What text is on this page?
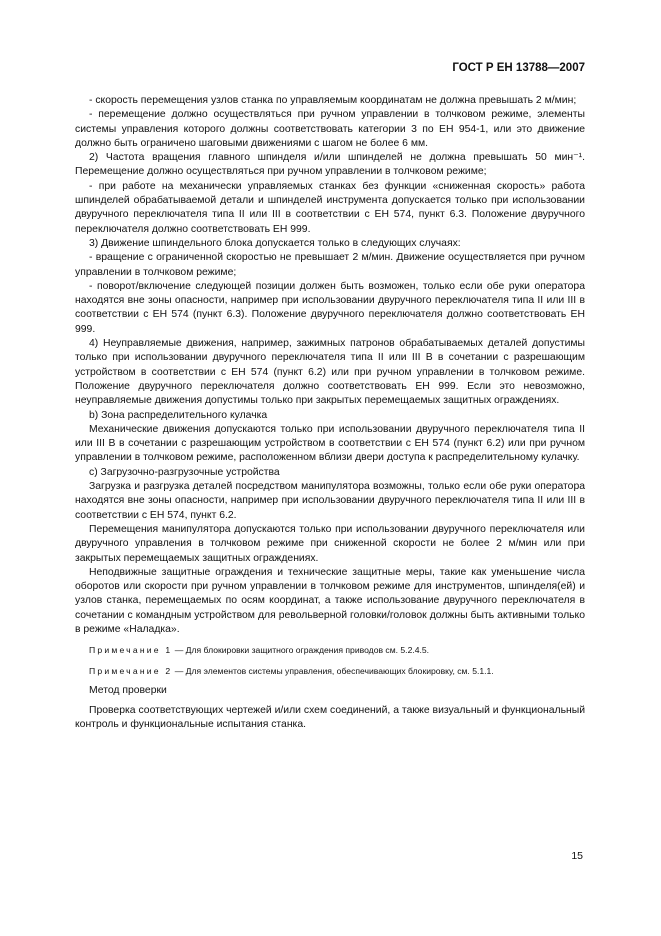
ГОСТ Р ЕН 13788—2007

- скорость перемещения узлов станка по управляемым координатам не должна превышать 2 м/мин;

- перемещение должно осуществляться при ручном управлении в толчковом режиме, элементы системы управления которого должны соответствовать категории 3 по ЕН 954-1, или это движение должно быть ограничено шаговыми движениями с шагом не более 6 мм.

2) Частота вращения главного шпинделя и/или шпинделей не должна превышать 50 мин⁻¹. Перемещение должно осуществляться при ручном управлении в толчковом режиме;

- при работе на механически управляемых станках без функции «сниженная скорость» работа шпинделей обрабатываемой детали и шпинделей инструмента допускается только при использовании двуручного переключателя типа II или III в соответствии с ЕН 574, пункт 6.3. Положение двуручного переключателя должно соответствовать ЕН 999.

3) Движение шпиндельного блока допускается только в следующих случаях:

- вращение с ограниченной скоростью не превышает 2 м/мин. Движение осуществляется при ручном управлении в толчковом режиме;

- поворот/включение следующей позиции должен быть возможен, только если обе руки оператора находятся вне зоны опасности, например при использовании двуручного переключателя типа II или III в соответствии с ЕН 574 (пункт 6.3). Положение двуручного переключателя должно соответствовать ЕН 999.

4) Неуправляемые движения, например, зажимных патронов обрабатываемых деталей допустимы только при использовании двуручного переключателя типа II или III В в сочетании с разрешающим устройством в соответствии с ЕН 574 (пункт 6.2) или при ручном управлении в толчковом режиме. Положение двуручного переключателя должно соответствовать ЕН 999. Если это невозможно, неуправляемые движения допустимы только при закрытых перемещаемых защитных ограждениях.

b) Зона распределительного кулачка

Механические движения допускаются только при использовании двуручного переключателя типа II или III В в сочетании с разрешающим устройством в соответствии с ЕН 574 (пункт 6.2) или при ручном управлении в толчковом режиме, расположенном вблизи двери доступа к распределительному кулачку.

c) Загрузочно-разгрузочные устройства

Загрузка и разгрузка деталей посредством манипулятора возможны, только если обе руки оператора находятся вне зоны опасности, например при использовании двуручного переключателя типа II или III в соответствии с ЕН 574, пункт 6.2.

Перемещения манипулятора допускаются только при использовании двуручного переключателя или двуручного управления в толчковом режиме при сниженной скорости не более 2 м/мин или при закрытых перемещаемых защитных ограждениях.

Неподвижные защитные ограждения и технические защитные меры, такие как уменьшение числа оборотов или скорости при ручном управлении в толчковом режиме для инструментов, шпинделя(ей) и узлов станка, перемещаемых по осям координат, а также использование двуручного переключателя в сочетании с командным устройством для револьверной головки/головок должны быть активными только в режиме «Наладка».

Примечание 1 — Для блокировки защитного ограждения приводов см. 5.2.4.5.

Примечание 2 — Для элементов системы управления, обеспечивающих блокировку, см. 5.1.1.

Метод проверки

Проверка соответствующих чертежей и/или схем соединений, а также визуальный и функциональный контроль и функциональные испытания станка.

15
